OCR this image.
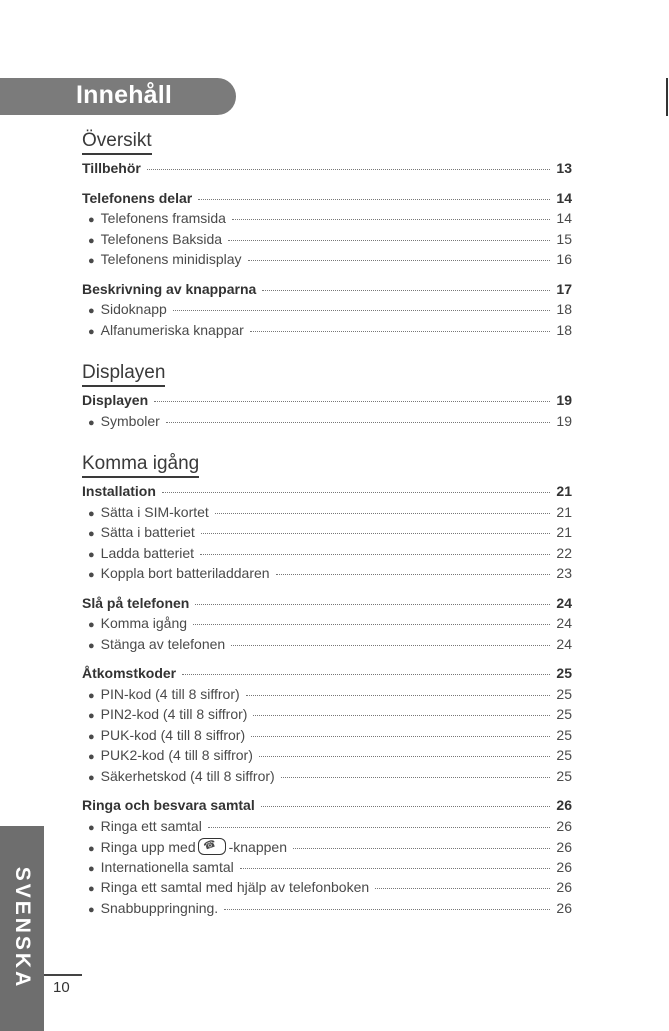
Innehåll
Översikt
Tillbehör	13
Telefonens delar	14
● Telefonens framsida	14
● Telefonens Baksida	15
● Telefonens minidisplay	16
Beskrivning av knapparna	17
● Sidoknapp	18
● Alfanumeriska knappar	18
Displayen
Displayen	19
● Symboler	19
Komma igång
Installation	21
● Sätta i SIM-kortet	21
● Sätta i batteriet	21
● Ladda batteriet	22
● Koppla bort batteriladdaren	23
Slå på telefonen	24
● Komma igång	24
● Stänga av telefonen	24
Åtkomstkoder	25
● PIN-kod (4 till 8 siffror)	25
● PIN2-kod (4 till 8 siffror)	25
● PUK-kod (4 till 8 siffror)	25
● PUK2-kod (4 till 8 siffror)	25
● Säkerhetskod (4 till 8 siffror)	25
Ringa och besvara samtal	26
● Ringa ett samtal	26
● Ringa upp med ☎ -knappen	26
● Internationella samtal	26
● Ringa ett samtal med hjälp av telefonboken	26
● Snabbuppringning.	26
SVENSKA 10
